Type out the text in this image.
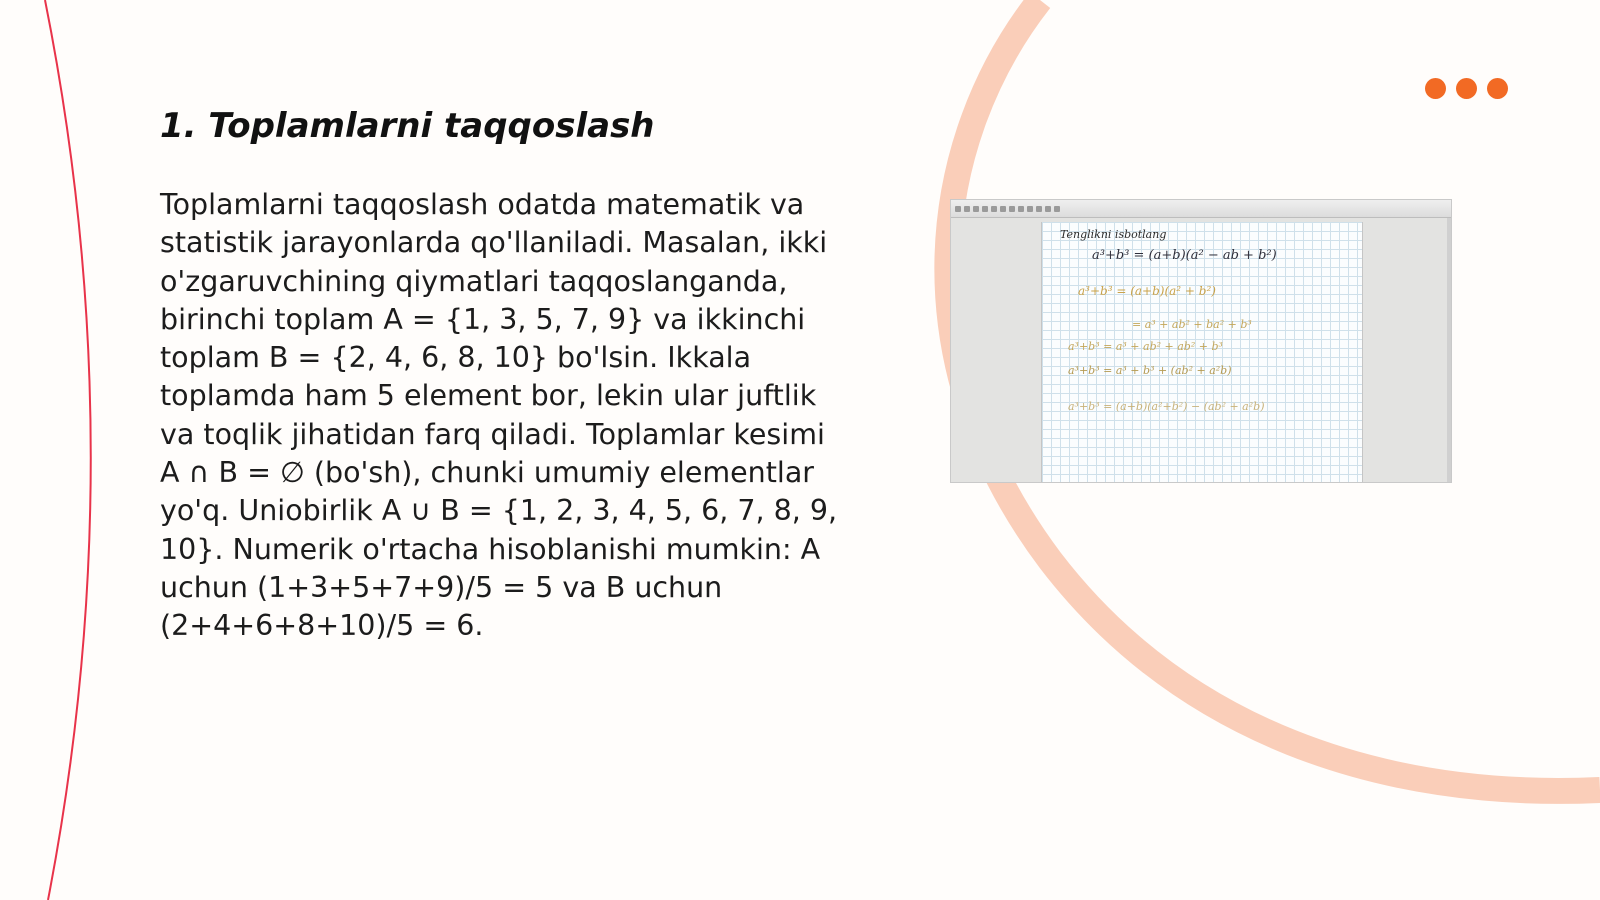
1. Toplamlarni taqqoslash

Toplamlarni taqqoslash odatda matematik va statistik jarayonlarda qo'llaniladi. Masalan, ikki o'zgaruvchining qiymatlari taqqoslanganda, birinchi toplam A = {1, 3, 5, 7, 9} va ikkinchi toplam B = {2, 4, 6, 8, 10} bo'lsin. Ikkala toplamda ham 5 element bor, lekin ular juftlik va toqlik jihatidan farq qiladi. Toplamlar kesimi A ∩ B = ∅ (bo'sh), chunki umumiy elementlar yo'q. Uniobirlik A ∪ B = {1, 2, 3, 4, 5, 6, 7, 8, 9, 10}. Numerik o'rtacha hisoblanishi mumkin: A uchun (1+3+5+7+9)/5 = 5 va B uchun (2+4+6+8+10)/5 = 6.

Tenglikni isbotlang
a³+b³ = (a+b)(a² − ab + b²)
a³+b³ = (a+b)(a² + b²)
= a³ + ab² + ba² + b³
a³+b³ = a³ + ab² + ab² + b³
a³+b³ = a³ + b³ + (ab² + a²b)
a³+b³ = (a+b)(a²+b²) − (ab² + a²b)
